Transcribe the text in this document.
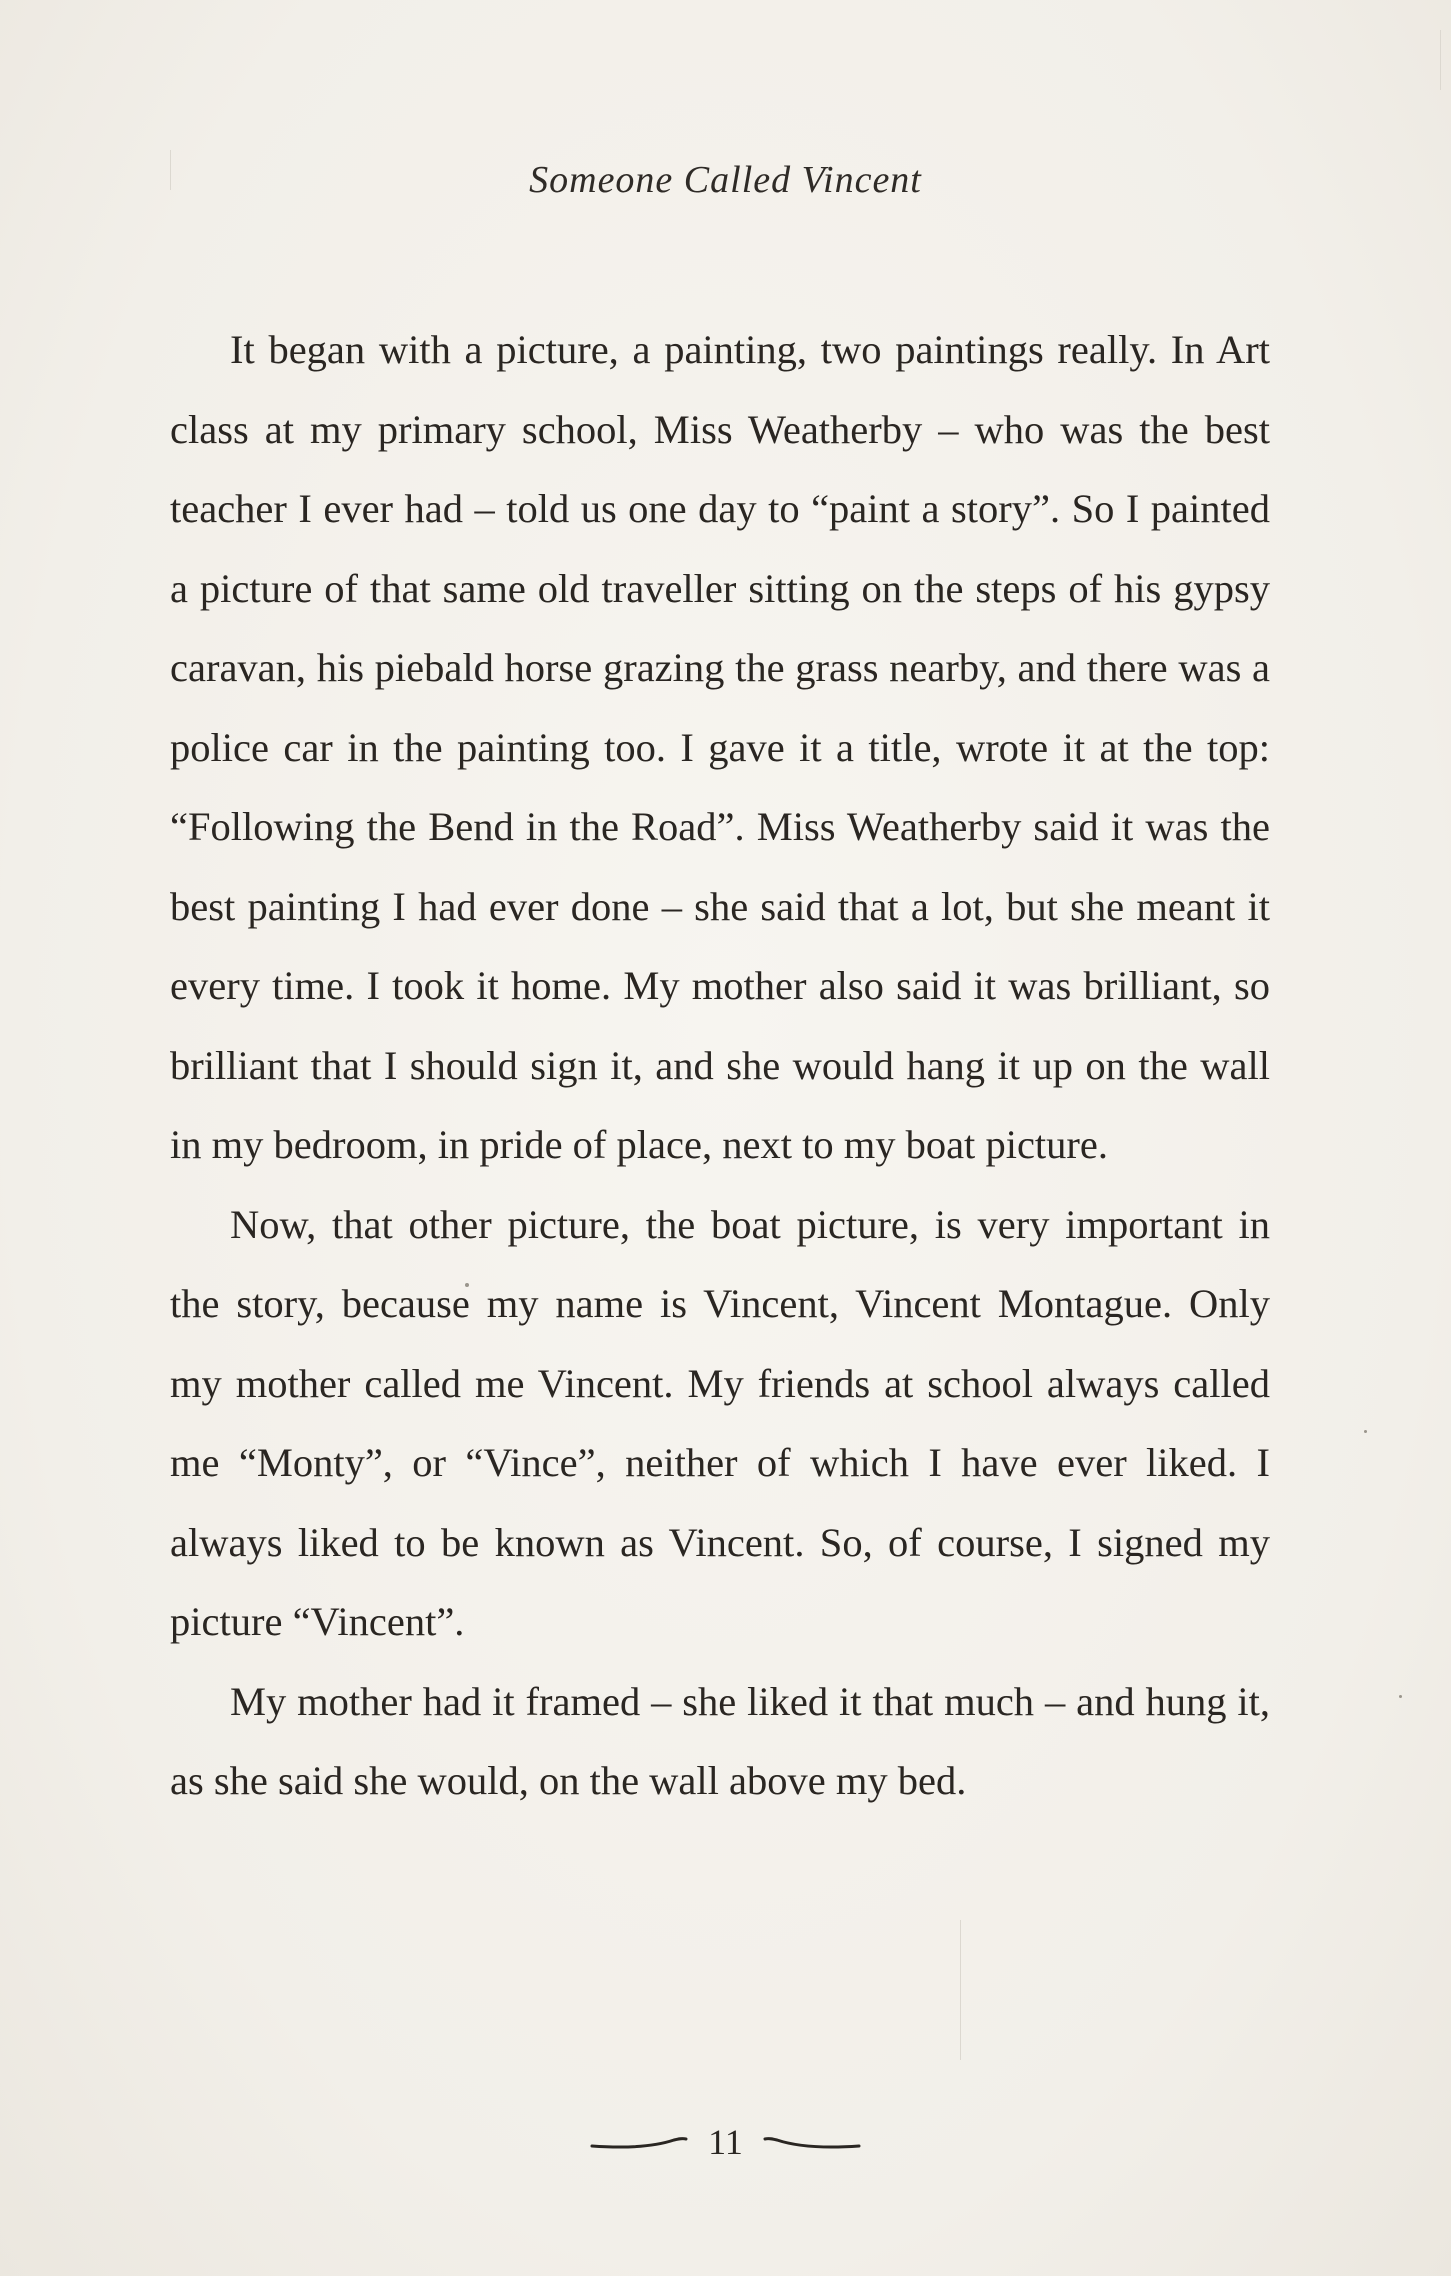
Someone Called Vincent

It began with a picture, a painting, two paintings really. In Art class at my primary school, Miss Weatherby – who was the best teacher I ever had – told us one day to “paint a story”. So I painted a picture of that same old traveller sitting on the steps of his gypsy caravan, his piebald horse grazing the grass nearby, and there was a police car in the painting too. I gave it a title, wrote it at the top: “Following the Bend in the Road”. Miss Weatherby said it was the best painting I had ever done – she said that a lot, but she meant it every time. I took it home. My mother also said it was brilliant, so brilliant that I should sign it, and she would hang it up on the wall in my bedroom, in pride of place, next to my boat picture.

Now, that other picture, the boat picture, is very important in the story, because my name is Vincent, Vincent Montague. Only my mother called me Vincent. My friends at school always called me “Monty”, or “Vince”, neither of which I have ever liked. I always liked to be known as Vincent. So, of course, I signed my picture “Vincent”.

My mother had it framed – she liked it that much – and hung it, as she said she would, on the wall above my bed.

11
